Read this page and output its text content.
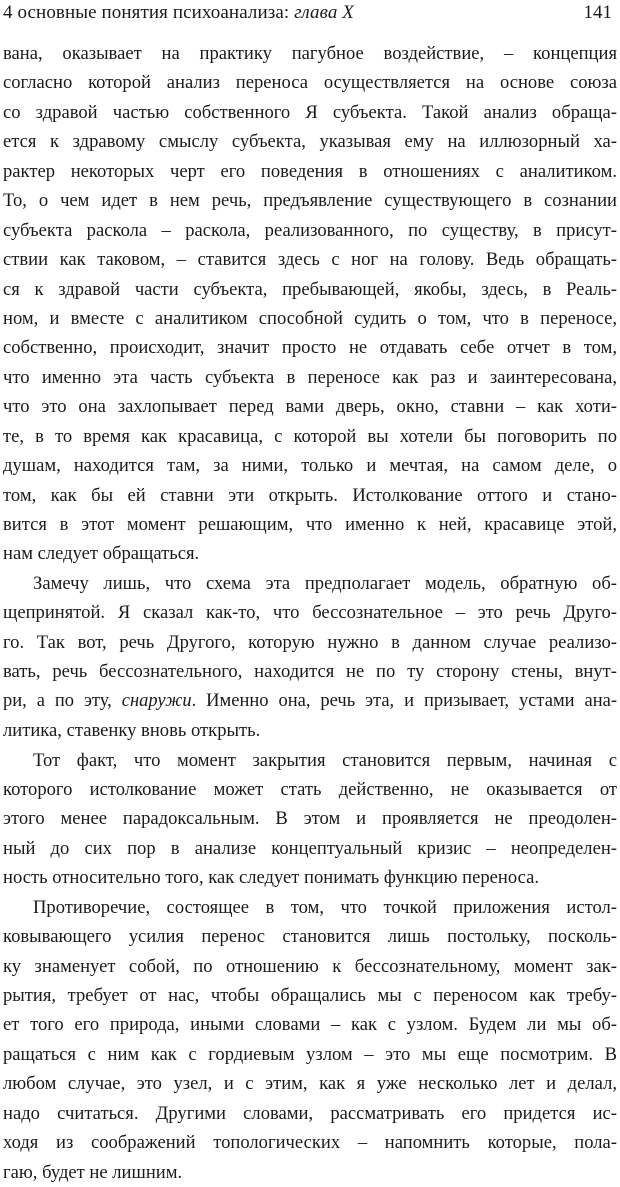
4 основные понятия психоанализа: глава X	141
вана, оказывает на практику пагубное воздействие, – концепция
согласно которой анализ переноса осуществляется на основе союза
со здравой частью собственного Я субъекта. Такой анализ обраща-
ется к здравому смыслу субъекта, указывая ему на иллюзорный ха-
рактер некоторых черт его поведения в отношениях с аналитиком.
То, о чем идет в нем речь, предъявление существующего в сознании
субъекта раскола – раскола, реализованного, по существу, в присут-
ствии как таковом, – ставится здесь с ног на голову. Ведь обращать-
ся к здравой части субъекта, пребывающей, якобы, здесь, в Реаль-
ном, и вместе с аналитиком способной судить о том, что в переносе,
собственно, происходит, значит просто не отдавать себе отчет в том,
что именно эта часть субъекта в переносе как раз и заинтересована,
что это она захлопывает перед вами дверь, окно, ставни – как хоти-
те, в то время как красавица, с которой вы хотели бы поговорить по
душам, находится там, за ними, только и мечтая, на самом деле, о
том, как бы ей ставни эти открыть. Истолкование оттого и стано-
вится в этот момент решающим, что именно к ней, красавице этой,
нам следует обращаться.
Замечу лишь, что схема эта предполагает модель, обратную об-
щепринятой. Я сказал как-то, что бессознательное – это речь Друго-
го. Так вот, речь Другого, которую нужно в данном случае реализо-
вать, речь бессознательного, находится не по ту сторону стены, внут-
ри, а по эту, снаружи. Именно она, речь эта, и призывает, устами ана-
литика, ставенку вновь открыть.
Тот факт, что момент закрытия становится первым, начиная с
которого истолкование может стать действенно, не оказывается от
этого менее парадоксальным. В этом и проявляется не преодолен-
ный до сих пор в анализе концептуальный кризис – неопределен-
ность относительно того, как следует понимать функцию переноса.
Противоречие, состоящее в том, что точкой приложения истол-
ковывающего усилия перенос становится лишь постольку, посколь-
ку знаменует собой, по отношению к бессознательному, момент зак-
рытия, требует от нас, чтобы обращались мы с переносом как требу-
ет того его природа, иными словами – как с узлом. Будем ли мы об-
ращаться с ним как с гордиевым узлом – это мы еще посмотрим. В
любом случае, это узел, и с этим, как я уже несколько лет и делал,
надо считаться. Другими словами, рассматривать его придется ис-
ходя из соображений топологических – напомнить которые, пола-
гаю, будет не лишним.
